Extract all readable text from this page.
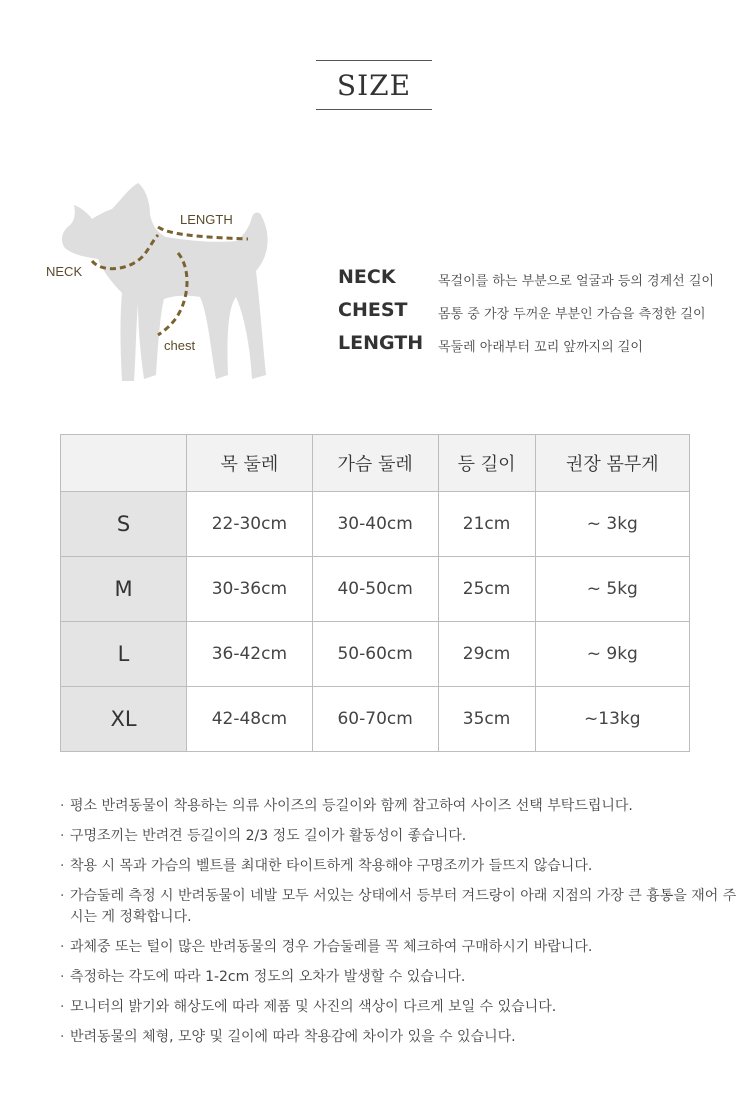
SIZE
LENGTH
NECK
chest
NECK	목걸이를 하는 부분으로 얼굴과 등의 경계선 길이
CHEST 몸통 중 가장 두꺼운 부분인 가슴을 측정한 길이
LENGTH 목둘레 아래부터 꼬리 앞까지의 길이
	목 둘레	가슴 둘레	등 길이	권장 몸무게
S	22-30cm	30-40cm	21cm	~ 3kg
M	30-36cm	40-50cm	25cm	~ 5kg
L	36-42cm	50-60cm	29cm	~ 9kg
XL	42-48cm	60-70cm	35cm	~13kg
· 평소 반려동물이 착용하는 의류 사이즈의 등길이와 함께 참고하여 사이즈 선택 부탁드립니다.
· 구명조끼는 반려견 등길이의 2/3 정도 길이가 활동성이 좋습니다.
· 착용 시 목과 가슴의 벨트를 최대한 타이트하게 착용해야 구명조끼가 들뜨지 않습니다.
· 가슴둘레 측정 시 반려동물이 네발 모두 서있는 상태에서 등부터 겨드랑이 아래 지점의 가장 큰 흉통을 재어 주시는 게 정확합니다.
· 과체중 또는 털이 많은 반려동물의 경우 가슴둘레를 꼭 체크하여 구매하시기 바랍니다.
· 측정하는 각도에 따라 1-2cm 정도의 오차가 발생할 수 있습니다.
· 모니터의 밝기와 해상도에 따라 제품 및 사진의 색상이 다르게 보일 수 있습니다.
· 반려동물의 체형, 모양 및 길이에 따라 착용감에 차이가 있을 수 있습니다.
